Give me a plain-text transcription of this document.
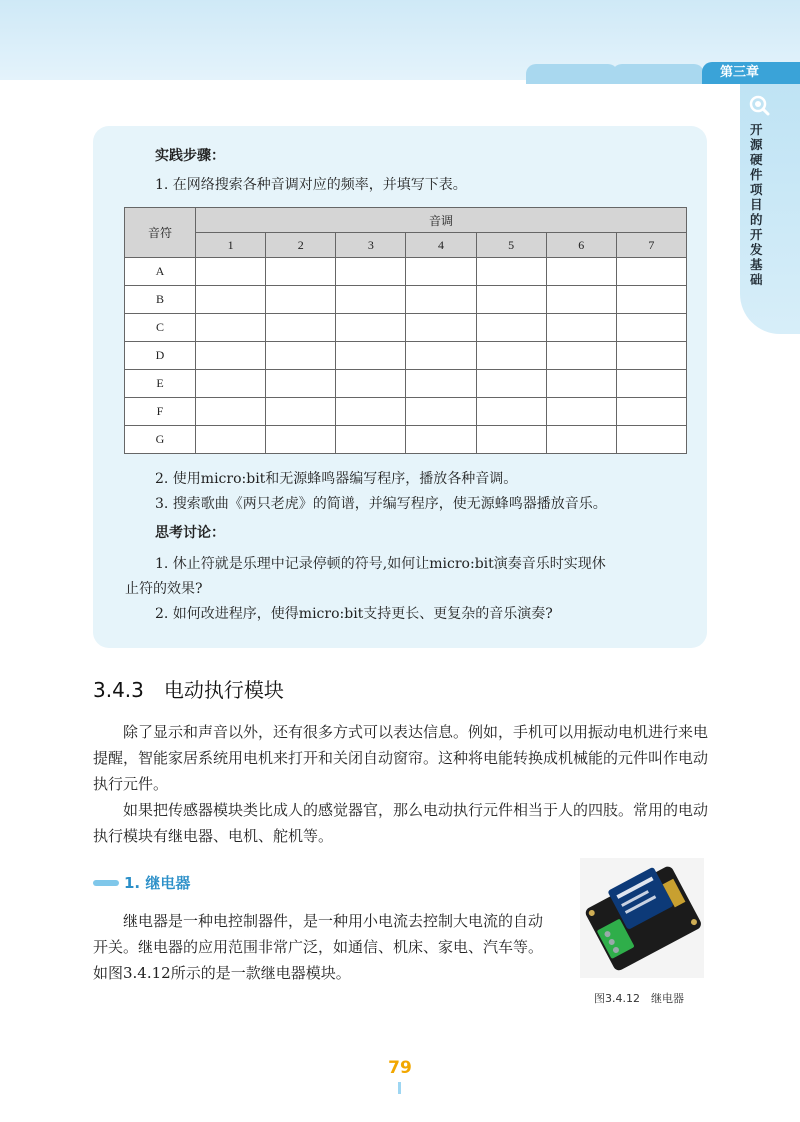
第三章
开源硬件项目的开发基础
实践步骤：
1. 在网络搜索各种音调对应的频率，并填写下表。
音符	音调						
	1	2	3	4	5	6	7
A							
B							
C							
D							
E							
F							
G							
2. 使用micro:bit和无源蜂鸣器编写程序，播放各种音调。
3. 搜索歌曲《两只老虎》的简谱，并编写程序，使无源蜂鸣器播放音乐。
思考讨论：
1. 休止符就是乐理中记录停顿的符号,如何让micro:bit演奏音乐时实现休
止符的效果?
2. 如何改进程序，使得micro:bit支持更长、更复杂的音乐演奏?
3.4.3 电动执行模块

除了显示和声音以外，还有很多方式可以表达信息。例如，手机可以用振动电机进行来电提醒，智能家居系统用电机来打开和关闭自动窗帘。这种将电能转换成机械能的元件叫作电动执行元件。

如果把传感器模块类比成人的感觉器官，那么电动执行元件相当于人的四肢。常用的电动执行模块有继电器、电机、舵机等。

1. 继电器

继电器是一种电控制器件，是一种用小电流去控制大电流的自动开关。继电器的应用范围非常广泛，如通信、机床、家电、汽车等。如图3.4.12所示的是一款继电器模块。

图3.4.12　继电器
79
